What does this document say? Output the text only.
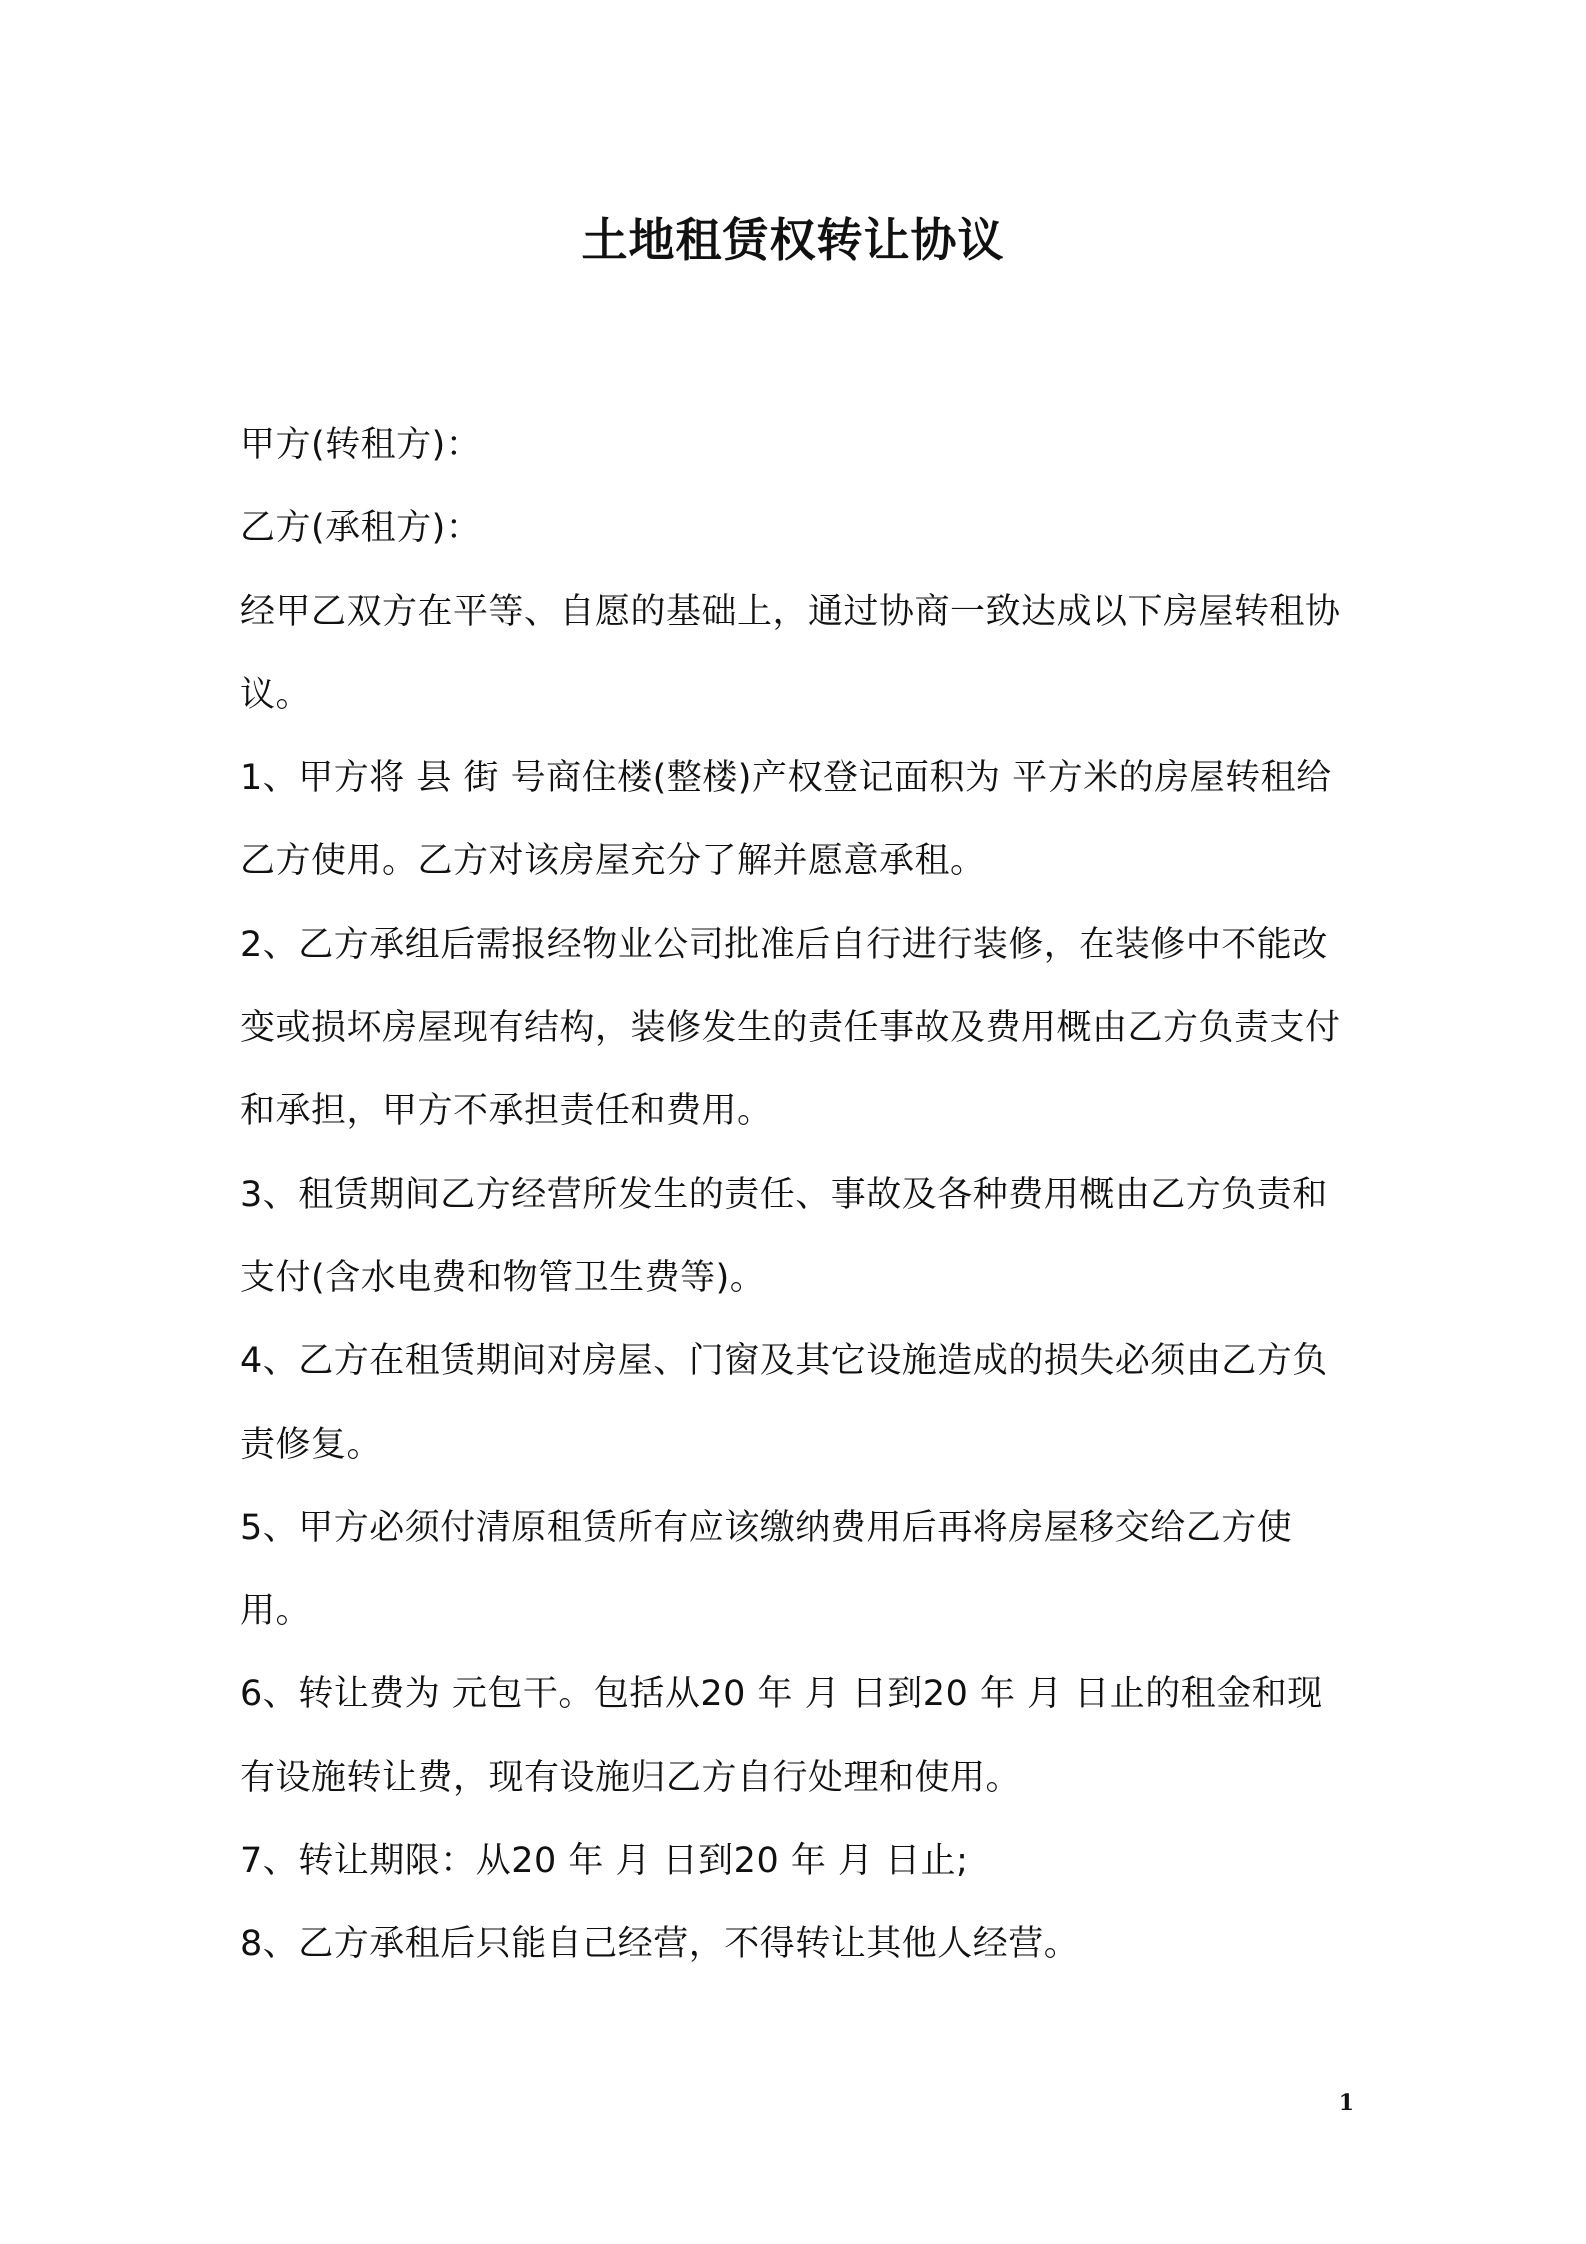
土地租赁权转让协议

甲方(转租方)：

乙方(承租方)：

经甲乙双方在平等、自愿的基础上，通过协商一致达成以下房屋转租协议。

1、甲方将 县 街 号商住楼(整楼)产权登记面积为 平方米的房屋转租给乙方使用。乙方对该房屋充分了解并愿意承租。

2、乙方承组后需报经物业公司批准后自行进行装修，在装修中不能改变或损坏房屋现有结构，装修发生的责任事故及费用概由乙方负责支付和承担，甲方不承担责任和费用。

3、租赁期间乙方经营所发生的责任、事故及各种费用概由乙方负责和支付(含水电费和物管卫生费等)。

4、乙方在租赁期间对房屋、门窗及其它设施造成的损失必须由乙方负责修复。

5、甲方必须付清原租赁所有应该缴纳费用后再将房屋移交给乙方使用。

6、转让费为 元包干。包括从20 年 月 日到20 年 月 日止的租金和现有设施转让费，现有设施归乙方自行处理和使用。

7、转让期限：从20 年 月 日到20 年 月 日止;

8、乙方承租后只能自己经营，不得转让其他人经营。

1
